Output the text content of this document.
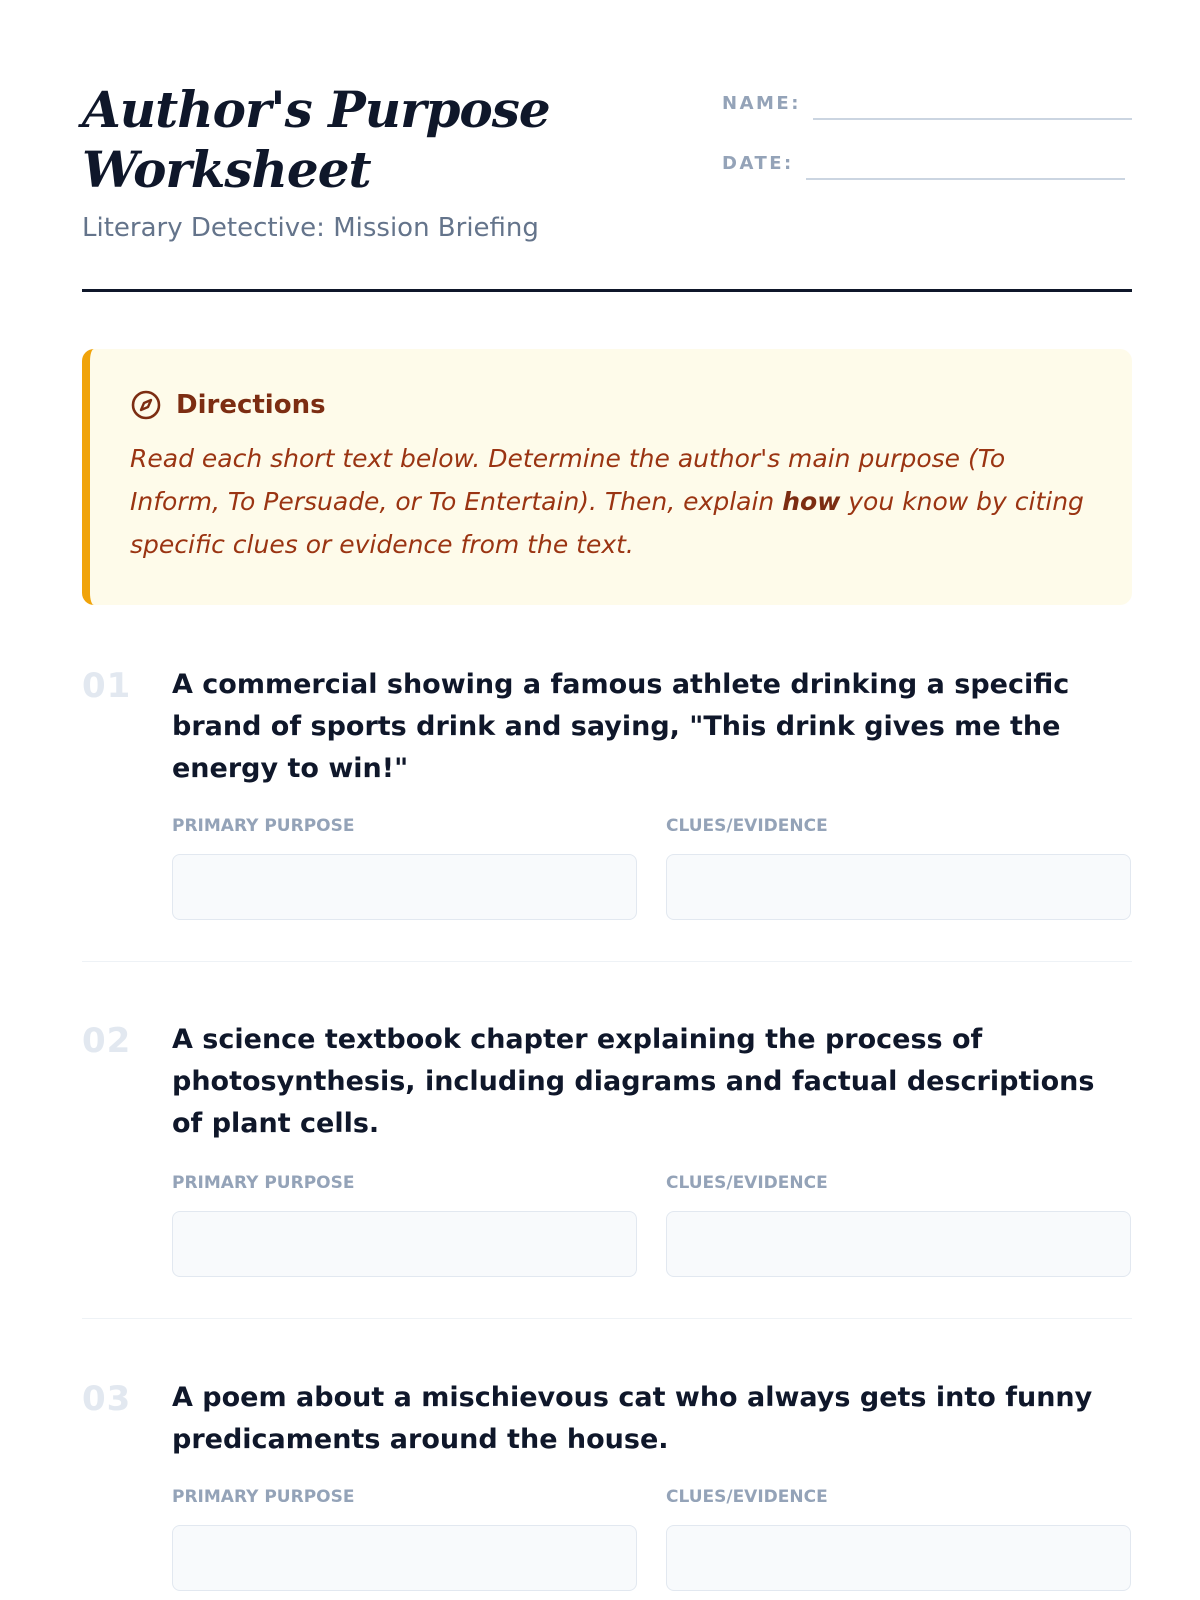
Author's Purpose Worksheet
Literary Detective: Mission Briefing
NAME:
DATE:
Directions

Read each short text below. Determine the author's main purpose (To Inform, To Persuade, or To Entertain). Then, explain how you know by citing specific clues or evidence from the text.

01 A commercial showing a famous athlete drinking a specific brand of sports drink and saying, "This drink gives me the energy to win!"

PRIMARY PURPOSE	CLUES/EVIDENCE
02 A science textbook chapter explaining the process of photosynthesis, including diagrams and factual descriptions of plant cells.

PRIMARY PURPOSE	CLUES/EVIDENCE
03 A poem about a mischievous cat who always gets into funny predicaments around the house.

PRIMARY PURPOSE	CLUES/EVIDENCE
